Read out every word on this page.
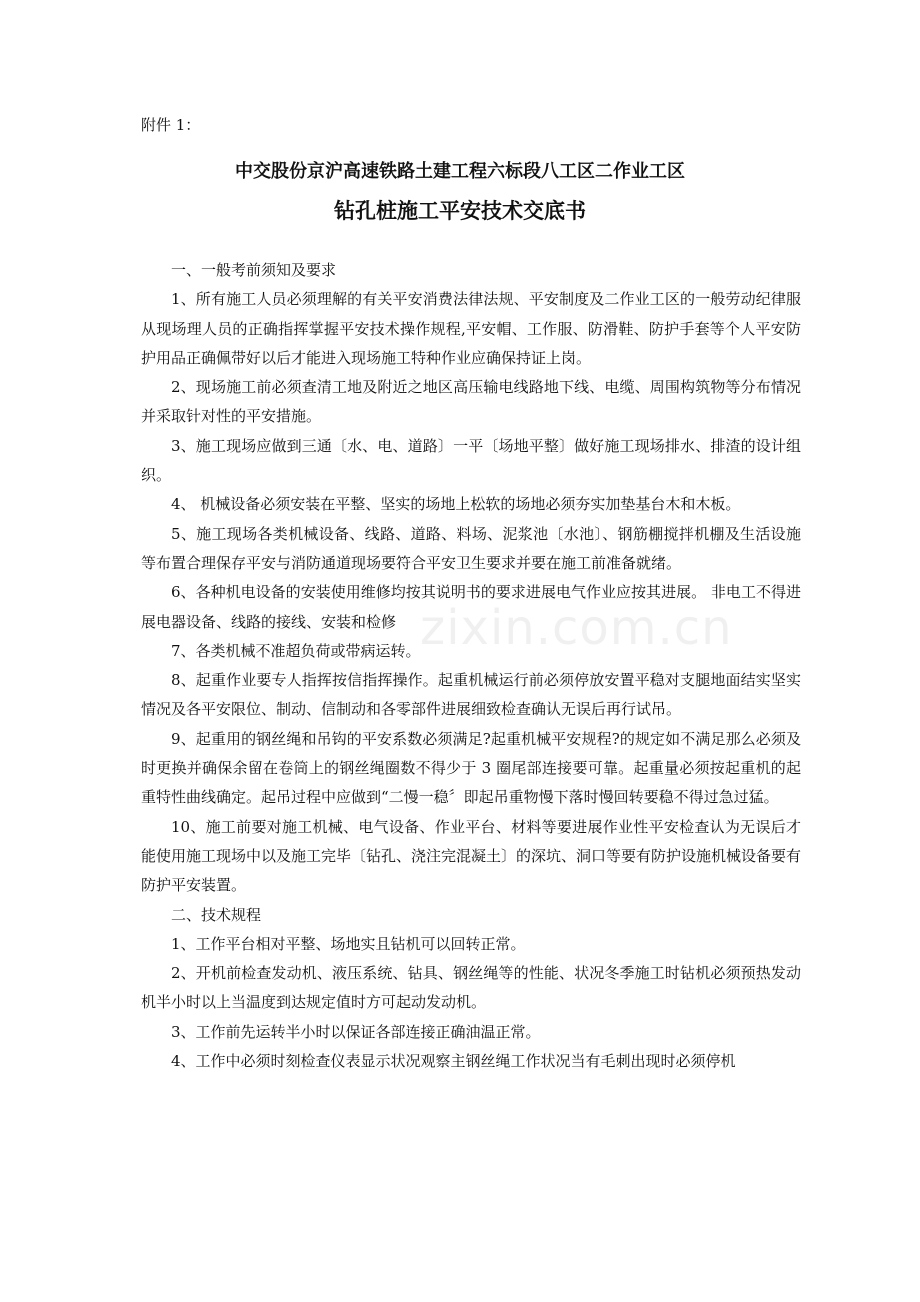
附件 1：
中交股份京沪高速铁路土建工程六标段八工区二作业工区
钻孔桩施工平安技术交底书
zixin.com.cn

一、一般考前须知及要求

1、所有施工人员必须理解的有关平安消费法律法规、平安制度及二作业工区的一般劳动纪律服从现场理人员的正确指挥掌握平安技术操作规程,平安帽、工作服、防滑鞋、防护手套等个人平安防护用品正确佩带好以后才能进入现场施工特种作业应确保持证上岗。

2、现场施工前必须查清工地及附近之地区高压输电线路地下线、电缆、周围构筑物等分布情况并采取针对性的平安措施。

3、施工现场应做到三通〔水、电、道路〕一平〔场地平整〕做好施工现场排水、排渣的设计组织。

4、 机械设备必须安装在平整、坚实的场地上松软的场地必须夯实加垫基台木和木板。

5、施工现场各类机械设备、线路、道路、料场、泥浆池〔水池〕、钢筋棚搅拌机棚及生活设施等布置合理保存平安与消防通道现场要符合平安卫生要求并要在施工前准备就绪。

6、各种机电设备的安装使用维修均按其说明书的要求进展电气作业应按其进展。 非电工不得进展电器设备、线路的接线、安装和检修

7、各类机械不准超负荷或带病运转。

8、起重作业要专人指挥按信指挥操作。起重机械运行前必须停放安置平稳对支腿地面结实坚实情况及各平安限位、制动、信制动和各零部件进展细致检查确认无误后再行试吊。

9、起重用的钢丝绳和吊钩的平安系数必须满足?起重机械平安规程?的规定如不满足那么必须及时更换并确保余留在卷筒上的钢丝绳圈数不得少于 3 圈尾部连接要可靠。起重量必须按起重机的起重特性曲线确定。起吊过程中应做到“二慢一稳〞即起吊重物慢下落时慢回转要稳不得过急过猛。

10、施工前要对施工机械、电气设备、作业平台、材料等要进展作业性平安检查认为无误后才能使用施工现场中以及施工完毕〔钻孔、浇注完混凝土〕的深坑、洞口等要有防护设施机械设备要有防护平安装置。

二、技术规程

1、工作平台相对平整、场地实且钻机可以回转正常。

2、开机前检查发动机、液压系统、钻具、钢丝绳等的性能、状况冬季施工时钻机必须预热发动机半小时以上当温度到达规定值时方可起动发动机。

3、工作前先运转半小时以保证各部连接正确油温正常。

4、工作中必须时刻检查仪表显示状况观察主钢丝绳工作状况当有毛刺出现时必须停机
